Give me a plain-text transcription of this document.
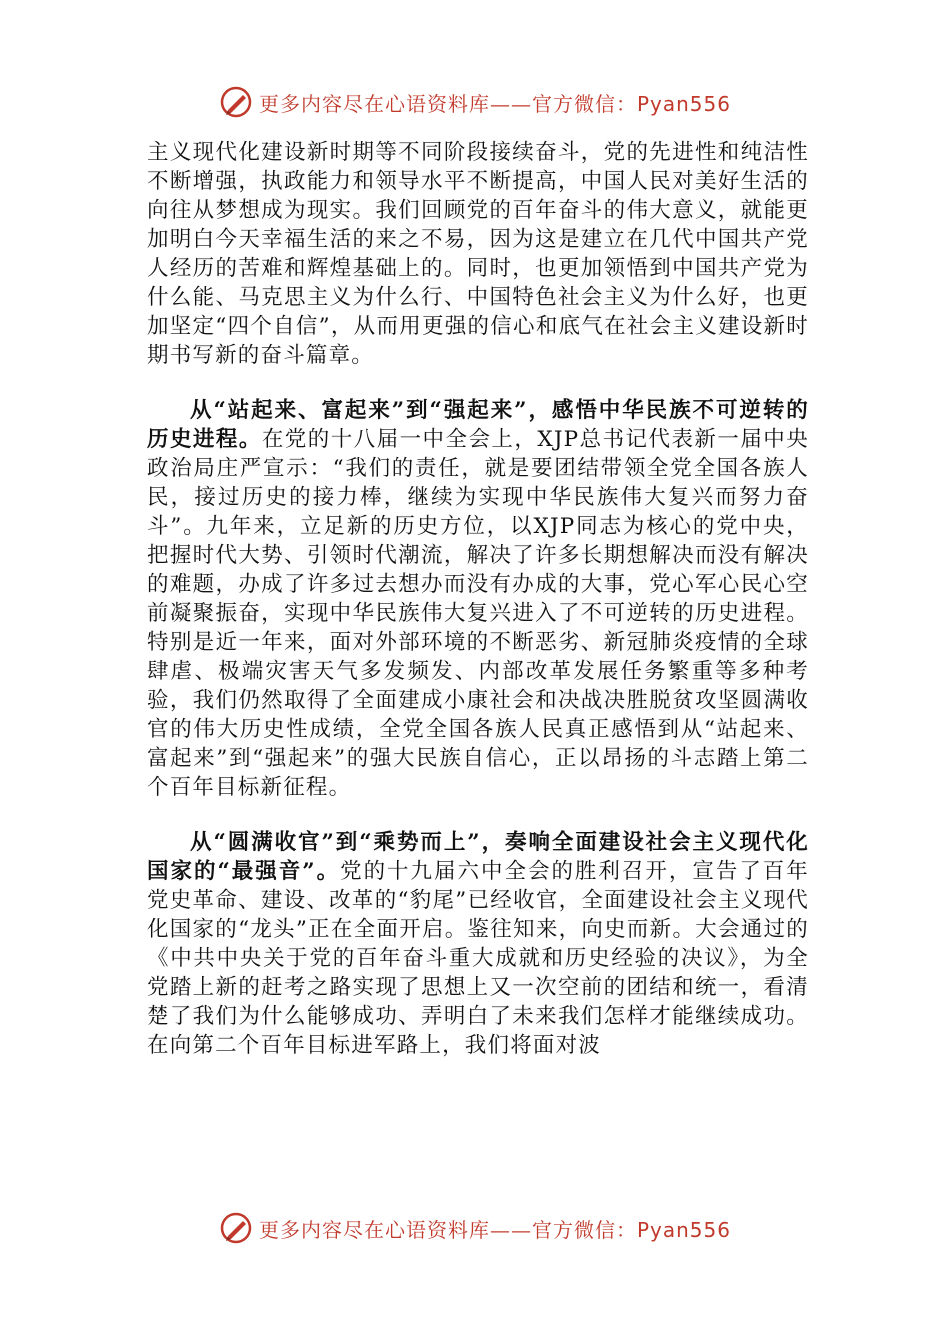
更多内容尽在心语资料库—— 官方微信：Pyan556

主义现代化建设新时期等不同阶段接续奋斗，党的先进性和纯洁性不断增强，执政能力和领导水平不断提高，中国人民对美好生活的向往从梦想成为现实。我们回顾党的百年奋斗的伟大意义，就能更加明白今天幸福生活的来之不易，因为这是建立在几代中国共产党人经历的苦难和辉煌基础上的。同时，也更加领悟到中国共产党为什么能、马克思主义为什么行、中国特色社会主义为什么好，也更加坚定“四个自信”，从而用更强的信心和底气在社会主义建设新时期书写新的奋斗篇章。

从“站起来、富起来”到“强起来”，感悟中华民族不可逆转的历史进程。在党的十八届一中全会上，XJP总书记代表新一届中央政治局庄严宣示：“我们的责任，就是要团结带领全党全国各族人民，接过历史的接力棒，继续为实现中华民族伟大复兴而努力奋斗”。九年来，立足新的历史方位，以XJP同志为核心的党中央，把握时代大势、引领时代潮流，解决了许多长期想解决而没有解决的难题，办成了许多过去想办而没有办成的大事，党心军心民心空前凝聚振奋，实现中华民族伟大复兴进入了不可逆转的历史进程。特别是近一年来，面对外部环境的不断恶劣、新冠肺炎疫情的全球肆虐、极端灾害天气多发频发、内部改革发展任务繁重等多种考验，我们仍然取得了全面建成小康社会和决战决胜脱贫攻坚圆满收官的伟大历史性成绩，全党全国各族人民真正感悟到从“站起来、富起来”到“强起来”的强大民族自信心，正以昂扬的斗志踏上第二个百年目标新征程。

从“圆满收官”到“乘势而上”，奏响全面建设社会主义现代化国家的“最强音”。党的十九届六中全会的胜利召开，宣告了百年党史革命、建设、改革的“豹尾”已经收官，全面建设社会主义现代化国家的“龙头”正在全面开启。鉴往知来，向史而新。大会通过的《中共中央关于党的百年奋斗重大成就和历史经验的决议》，为全党踏上新的赶考之路实现了思想上又一次空前的团结和统一，看清楚了我们为什么能够成功、弄明白了未来我们怎样才能继续成功。在向第二个百年目标进军路上，我们将面对波

更多内容尽在心语资料库—— 官方微信：Pyan556
